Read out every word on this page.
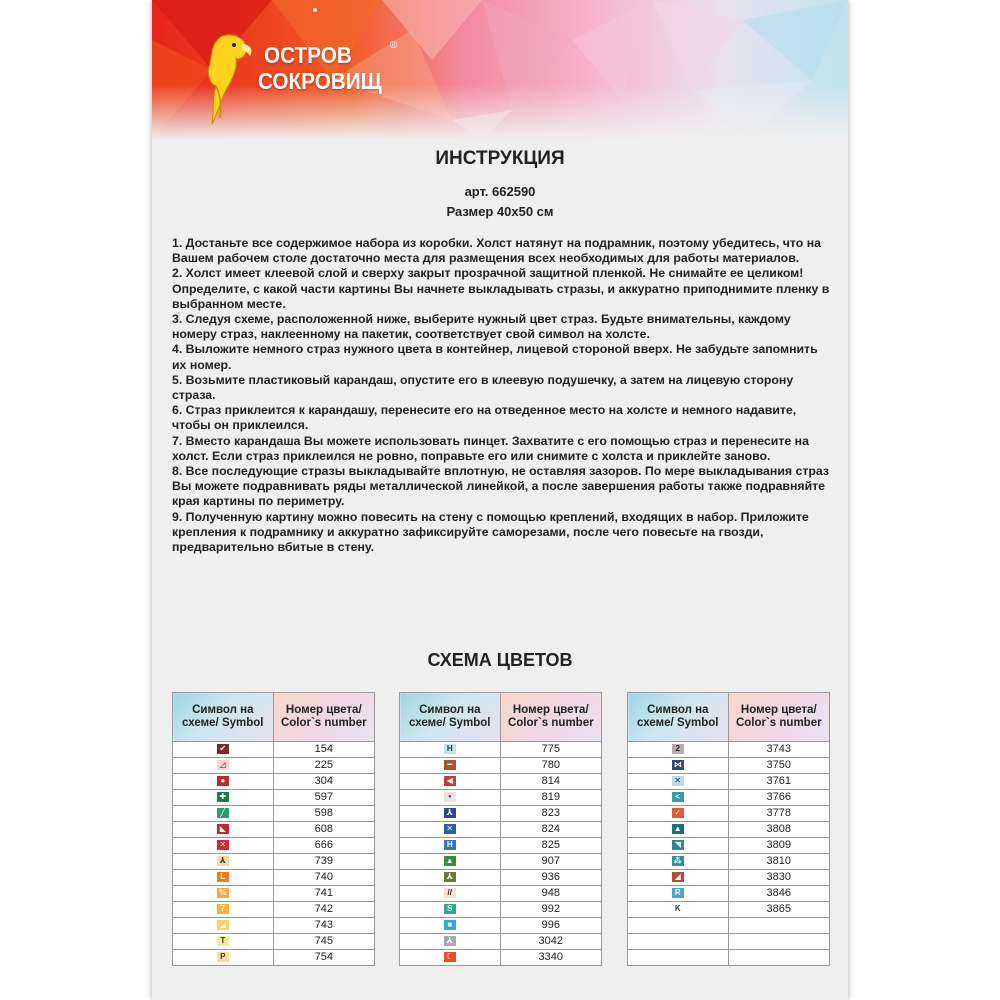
ОСТРОВ
СОКРОВИЩ
®
ИНСТРУКЦИЯ
арт. 662590
Размер 40х50 см

1. Достаньте все содержимое набора из коробки. Холст натянут на подрамник, поэтому убедитесь, что на Вашем рабочем столе достаточно места для размещения всех необходимых для работы материалов.

2. Холст имеет клеевой слой и сверху закрыт прозрачной защитной пленкой. Не снимайте ее целиком! Определите, с какой части картины Вы начнете выкладывать стразы, и аккуратно приподнимите пленку в выбранном месте.

3. Следуя схеме, расположенной ниже, выберите нужный цвет страз. Будьте внимательны, каждому номеру страз, наклеенному на пакетик, соответствует свой символ на холсте.

4. Выложите немного страз нужного цвета в контейнер, лицевой стороной вверх. Не забудьте запомнить их номер.

5. Возьмите пластиковый карандаш, опустите его в клеевую подушечку, а затем на лицевую сторону страза.

6. Страз приклеится к карандашу, перенесите его на отведенное место на холсте и немного надавите, чтобы он приклеился.

7. Вместо карандаша Вы можете использовать пинцет. Захватите с его помощью страз и перенесите на холст. Если страз приклеился не ровно, поправьте его или снимите с холста и приклейте заново.

8. Все последующие стразы выкладывайте вплотную, не оставляя зазоров. По мере выкладывания страз Вы можете подравнивать ряды металлической линейкой, а после завершения работы также подравняйте края картины по периметру.

9. Полученную картину можно повесить на стену с помощью креплений, входящих в набор. Приложите крепления к подрамнику и аккуратно зафиксируйте саморезами, после чего повесьте на гвозди, предварительно вбитые в стену.

СХЕМА ЦВЕТОВ
Символ на схеме/ Symbol	Номер цвета/ Color`s number
✔	154
◿	225
●	304
✚	597
╱	598
◣	608
✕	666
⅄	739
L	740
%	741
7	742
◢	743
T	745
P	754
Символ на схеме/ Symbol	Номер цвета/ Color`s number
H	775
━	780
◀	814
•	819
⅄	823
✕	824
H	825
▲	907
⅄	936
//	948
S	992
■	996
⅄	3042
☾	3340
Символ на схеме/ Symbol	Номер цвета/ Color`s number
2	3743
⋈	3750
✕	3761
<	3766
✓	3778
▲	3808
◥	3809
⁂	3810
◢	3830
R	3846
K	3865
